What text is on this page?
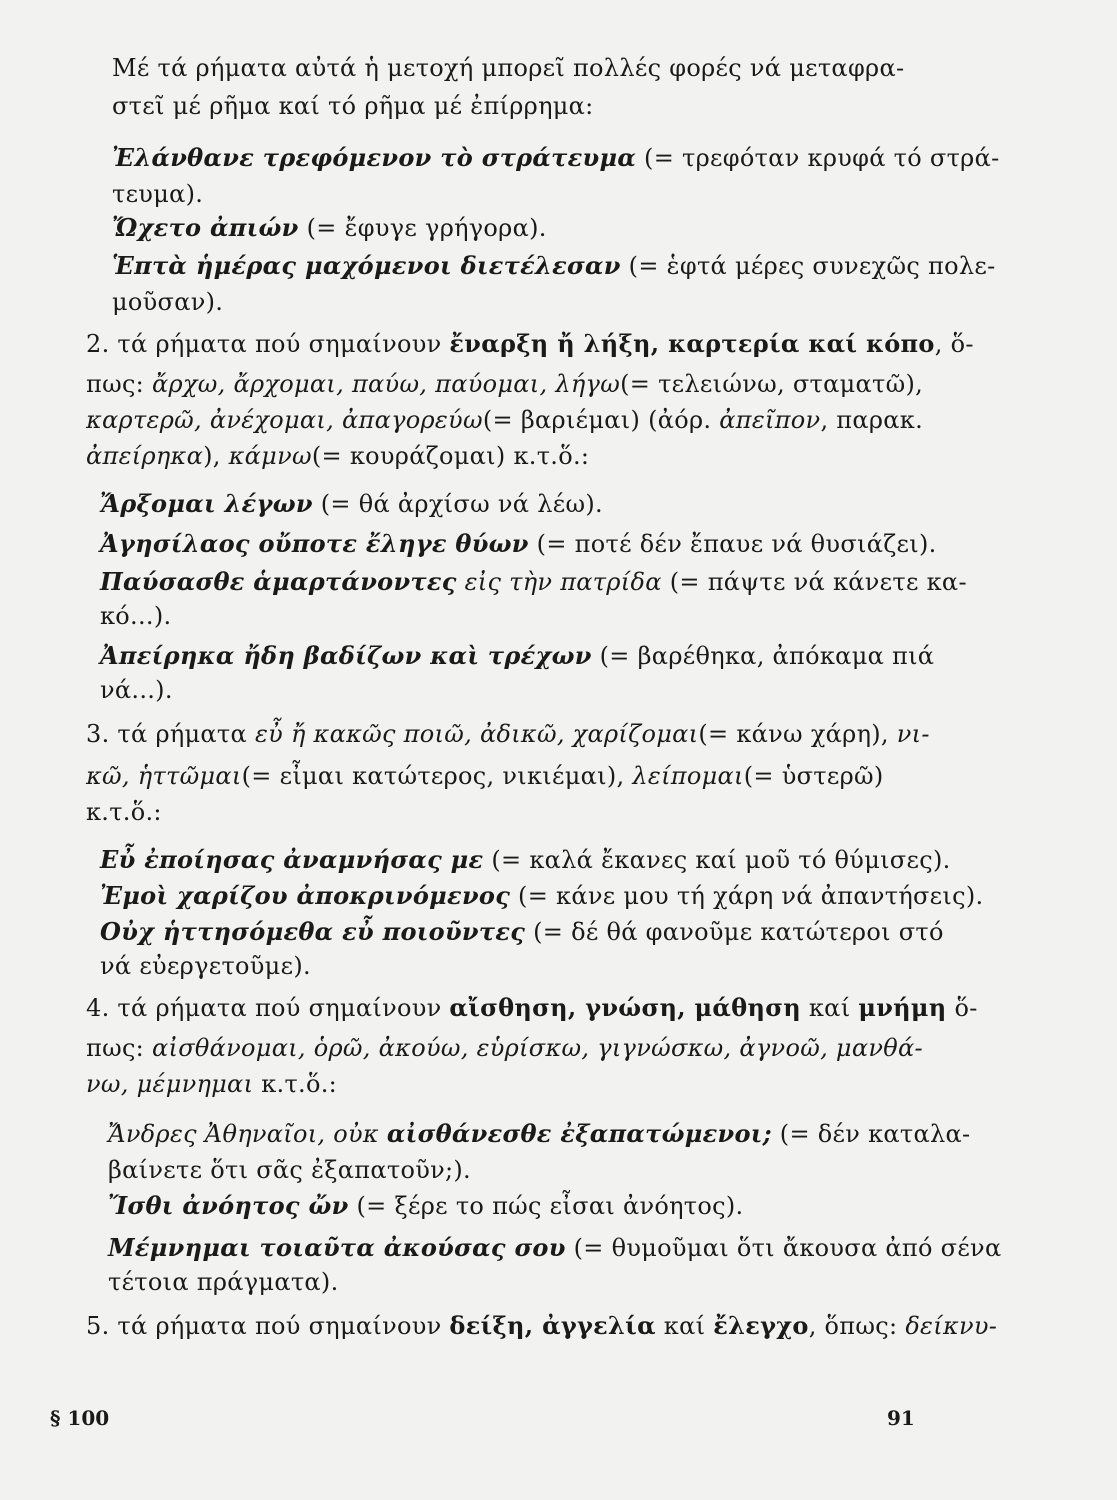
Μέ τά ρήματα αὐτά ἡ μετοχή μπορεῖ πολλές φορές νά μεταφρα-
στεῖ μέ ρῆμα καί τό ρῆμα μέ ἐπίρρημα:
Ἐλάνθανε τρεφόμενον τὸ στράτευμα (= τρεφόταν κρυφά τό στρά-
τευμα).
Ὤχετο ἀπιών (= ἔφυγε γρήγορα).
Ἑπτὰ ἡμέρας μαχόμενοι διετέλεσαν (= ἑφτά μέρες συνεχῶς πολε-
μοῦσαν).
2. τά ρήματα πού σημαίνουν ἔναρξη ἤ λήξη, καρτερία καί κόπο, ὅ-
πως: ἄρχω, ἄρχομαι, παύω, παύομαι, λήγω(= τελειώνω, σταματῶ),
καρτερῶ, ἀνέχομαι, ἀπαγορεύω(= βαριέμαι) (ἀόρ. ἀπεῖπον, παρακ.
ἀπείρηκα), κάμνω(= κουράζομαι) κ.τ.ὅ.:
Ἄρξομαι λέγων (= θά ἀρχίσω νά λέω).
Ἀγησίλαος οὔποτε ἔληγε θύων (= ποτέ δέν ἔπαυε νά θυσιάζει).
Παύσασθε ἁμαρτάνοντες εἰς τὴν πατρίδα (= πάψτε νά κάνετε κα-
κό...).
Ἀπείρηκα ἤδη βαδίζων καὶ τρέχων (= βαρέθηκα, ἀπόκαμα πιά
νά...).
3. τά ρήματα εὖ ἤ κακῶς ποιῶ, ἀδικῶ, χαρίζομαι(= κάνω χάρη), νι-
κῶ, ἡττῶμαι(= εἶμαι κατώτερος, νικιέμαι), λείπομαι(= ὑστερῶ)
κ.τ.ὅ.:
Εὖ ἐποίησας ἀναμνήσας με (= καλά ἔκανες καί μοῦ τό θύμισες).
Ἐμοὶ χαρίζου ἀποκρινόμενος (= κάνε μου τή χάρη νά ἀπαντήσεις).
Οὐχ ἡττησόμεθα εὖ ποιοῦντες (= δέ θά φανοῦμε κατώτεροι στό
νά εὐεργετοῦμε).
4. τά ρήματα πού σημαίνουν αἴσθηση, γνώση, μάθηση καί μνήμη ὅ-
πως: αἰσθάνομαι, ὁρῶ, ἀκούω, εὑρίσκω, γιγνώσκω, ἀγνοῶ, μανθά-
νω, μέμνημαι κ.τ.ὅ.:
Ἄνδρες Ἀθηναῖοι, οὐκ αἰσθάνεσθε ἐξαπατώμενοι; (= δέν καταλα-
βαίνετε ὅτι σᾶς ἐξαπατοῦν;).
Ἴσθι ἀνόητος ὤν (= ξέρε το πώς εἶσαι ἀνόητος).
Μέμνημαι τοιαῦτα ἀκούσας σου (= θυμοῦμαι ὅτι ἄκουσα ἀπό σένα
τέτοια πράγματα).
5. τά ρήματα πού σημαίνουν δείξη, ἀγγελία καί ἔλεγχο, ὅπως: δείκνυ-
§ 100	91
